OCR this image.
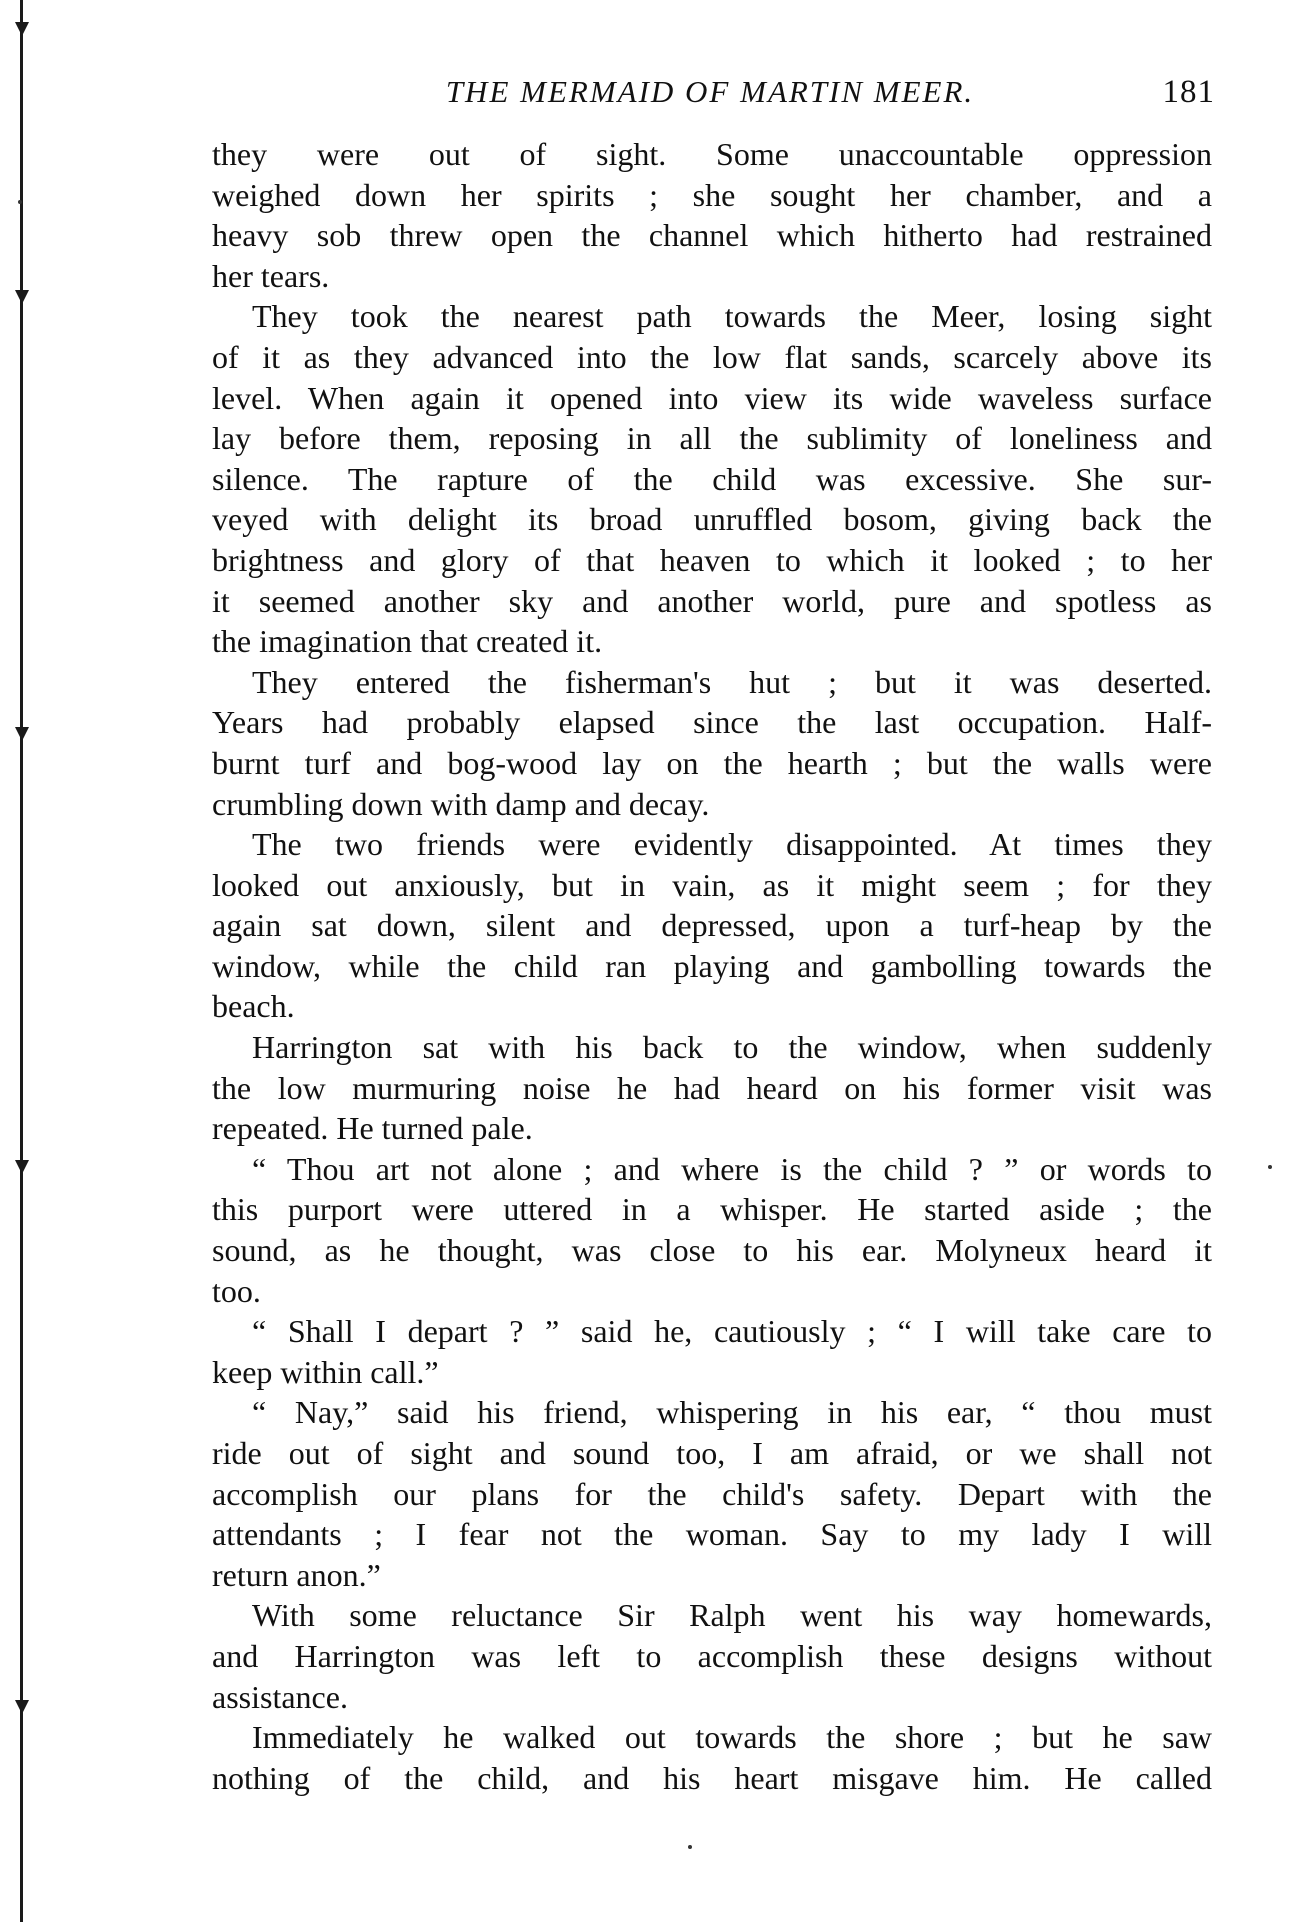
THE MERMAID OF MARTIN MEER.	181
they were out of sight. Some unaccountable oppression
weighed down her spirits ; she sought her chamber, and a
heavy sob threw open the channel which hitherto had restrained
her tears.
They took the nearest path towards the Meer, losing sight
of it as they advanced into the low flat sands, scarcely above its
level. When again it opened into view its wide waveless surface
lay before them, reposing in all the sublimity of loneliness and
silence. The rapture of the child was excessive. She sur-
veyed with delight its broad unruffled bosom, giving back the
brightness and glory of that heaven to which it looked ; to her
it seemed another sky and another world, pure and spotless as
the imagination that created it.
They entered the fisherman's hut ; but it was deserted.
Years had probably elapsed since the last occupation. Half-
burnt turf and bog-wood lay on the hearth ; but the walls were
crumbling down with damp and decay.
The two friends were evidently disappointed. At times they
looked out anxiously, but in vain, as it might seem ; for they
again sat down, silent and depressed, upon a turf-heap by the
window, while the child ran playing and gambolling towards the
beach.
Harrington sat with his back to the window, when suddenly
the low murmuring noise he had heard on his former visit was
repeated. He turned pale.
“ Thou art not alone ; and where is the child ? ” or words to
this purport were uttered in a whisper. He started aside ; the
sound, as he thought, was close to his ear. Molyneux heard it
too.
“ Shall I depart ? ” said he, cautiously ; “ I will take care to
keep within call.”
“ Nay,” said his friend, whispering in his ear, “ thou must
ride out of sight and sound too, I am afraid, or we shall not
accomplish our plans for the child's safety. Depart with the
attendants ; I fear not the woman. Say to my lady I will
return anon.”
With some reluctance Sir Ralph went his way homewards,
and Harrington was left to accomplish these designs without
assistance.
Immediately he walked out towards the shore ; but he saw
nothing of the child, and his heart misgave him. He called
